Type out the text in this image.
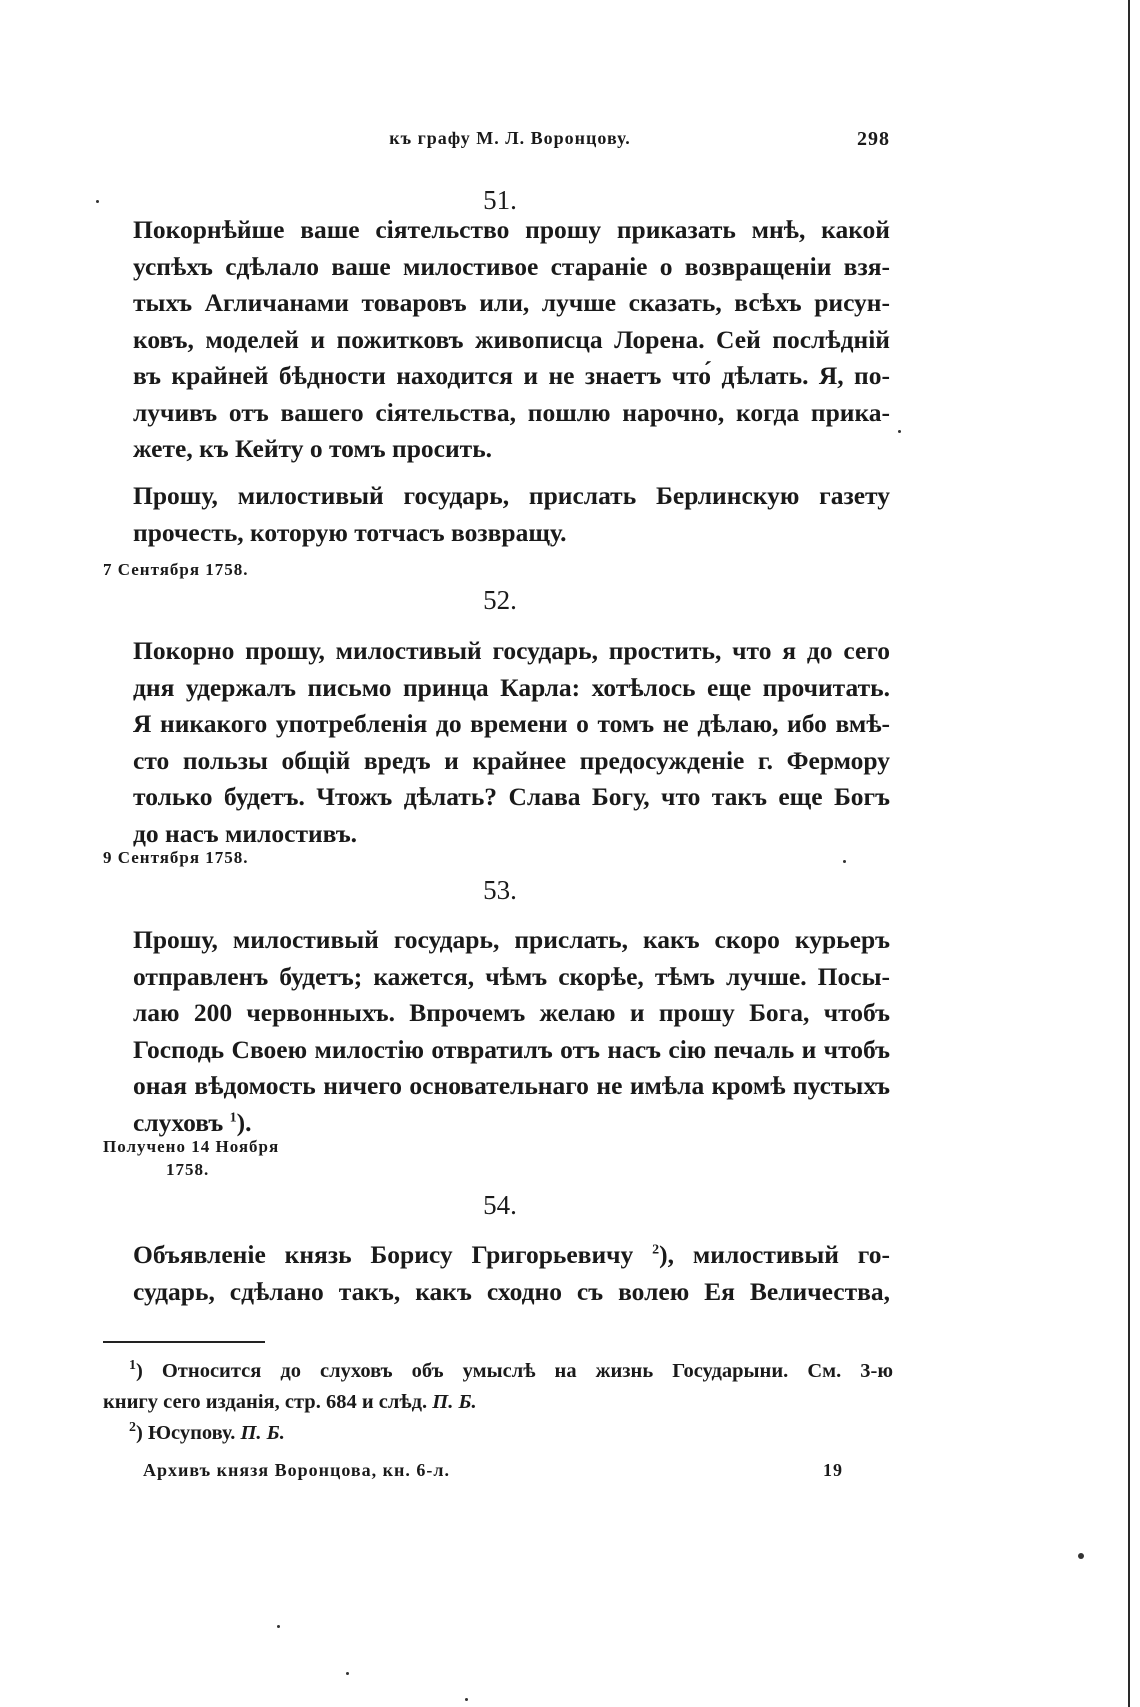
къ графу М. Л. Воронцову.	298
51.
Покорнѣйше ваше сіятельство прошу приказать мнѣ, какой
успѣхъ сдѣлало ваше милостивое стараніе о возвращеніи взя-
тыхъ Агличанами товаровъ или, лучше сказать, всѣхъ рисун-
ковъ, моделей и пожитковъ живописца Лорена. Сей послѣдній
въ крайней бѣдности находится и не знаетъ что́ дѣлать. Я, по-
лучивъ отъ вашего сіятельства, пошлю нарочно, когда прика-
жете, къ Кейту о томъ просить.
Прошу, милостивый государь, прислать Берлинскую газету
прочесть, которую тотчасъ возвращу.
7 Сентября 1758.
52.
Покорно прошу, милостивый государь, простить, что я до сего
дня удержалъ письмо принца Карла: хотѣлось еще прочитать.
Я никакого употребленія до времени о томъ не дѣлаю, ибо вмѣ-
сто пользы общій вредъ и крайнее предосужденіе г. Фермору
только будетъ. Чтожъ дѣлать? Слава Богу, что такъ еще Богъ
до насъ милостивъ.
9 Сентября 1758.
53.
Прошу, милостивый государь, прислать, какъ скоро курьеръ
отправленъ будетъ; кажется, чѣмъ скорѣе, тѣмъ лучше. Посы-
лаю 200 червонныхъ. Впрочемъ желаю и прошу Бога, чтобъ
Господь Своею милостію отвратилъ отъ насъ сію печаль и чтобъ
оная вѣдомость ничего основательнаго не имѣла кромѣ пустыхъ
слуховъ $^1$).
Получено 14 Ноября
1758.
54.
Объявленіе князь Борису Григорьевичу $^2$), милостивый го-
сударь, сдѣлано такъ, какъ сходно съ волею Ея Величества,
$^1$) Относится до слуховъ объ умыслѣ на жизнь Государыни. См. 3-ю
книгу сего изданія, стр. 684 и слѣд. П. Б.
$^2$) Юсупову. П. Б.
Архивъ князя Воронцова, кн. 6-л.	19
